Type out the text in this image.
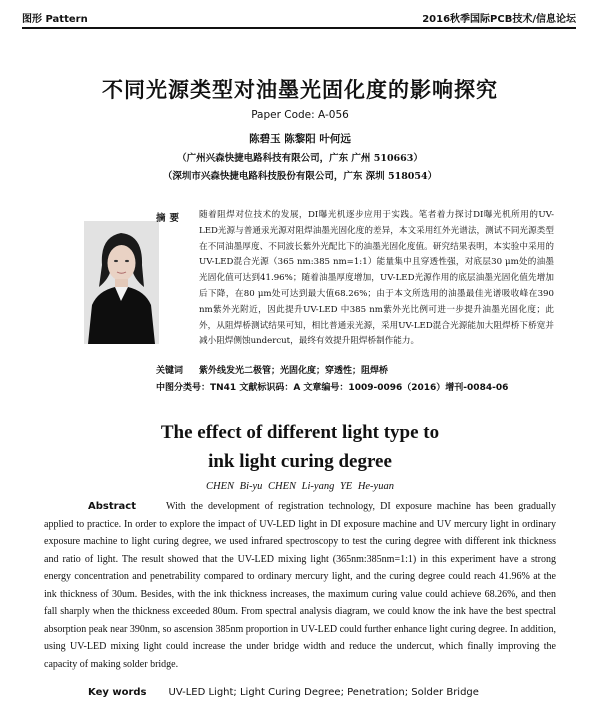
图形 Pattern	2016秋季国际PCB技术/信息论坛
不同光源类型对油墨光固化度的影响探究
Paper Code: A-056
陈碧玉 陈黎阳 叶何远
（广州兴森快捷电路科技有限公司，广东 广州 510663）
（深圳市兴森快捷电路科技股份有限公司，广东 深圳 518054）
摘要 随着阻焊对位技术的发展，DI曝光机逐步应用于实践。笔者着力探讨DI曝光机所用的UV-LED光源与普通汞光源对阻焊油墨光固化度的差异，本文采用红外光谱法，测试不同光源类型在不同油墨厚度、不同波长紫外光配比下的油墨光固化度值。研究结果表明，本实验中采用的UV-LED混合光源（365 nm:385 nm=1:1）能量集中且穿透性强，对底层30 μm处的油墨光固化值可达到41.96%；随着油墨厚度增加，UV-LED光源作用的底层油墨光固化值先增加后下降，在80 μm处可达到最大值68.26%；由于本文所选用的油墨最佳光谱吸收峰在390 nm紫外光附近，因此提升UV-LED 中385 nm紫外光比例可进一步提升油墨光固化度；此外，从阻焊桥测试结果可知，相比普通汞光源，采用UV-LED混合光源能加大阻焊桥下桥宽并减小阻焊侧蚀undercut，最终有效提升阻焊桥制作能力。
关键词 紫外线发光二极管；光固化度；穿透性；阻焊桥
中图分类号：TN41 文献标识码：A 文章编号：1009-0096（2016）增刊-0084-06
The effect of different light type to
ink light curing degree
CHEN Bi-yu CHEN Li-yang YE He-yuan
Abstract	With the development of registration technology, DI exposure machine has been gradually applied to practice. In order to explore the impact of UV-LED light in DI exposure machine and UV mercury light in ordinary exposure machine to light curing degree, we used infrared spectroscopy to test the curing degree with different ink thickness and ratio of light. The result showed that the UV-LED mixing light (365nm:385nm=1:1) in this experiment have a strong energy concentration and penetrability compared to ordinary mercury light, and the curing degree could reach 41.96% at the ink thickness of 30um. Besides, with the ink thickness increases, the maximum curing value could achieve 68.26%, and then fall sharply when the thickness exceeded 80um. From spectral analysis diagram, we could know the ink have the best spectral absorption peak near 390nm, so ascension 385nm proportion in UV-LED could further enhance light curing degree. In addition, using UV-LED mixing light could increase the under bridge width and reduce the undercut, which finally improving the capacity of making solder bridge.
Key words UV-LED Light; Light Curing Degree; Penetration; Solder Bridge
